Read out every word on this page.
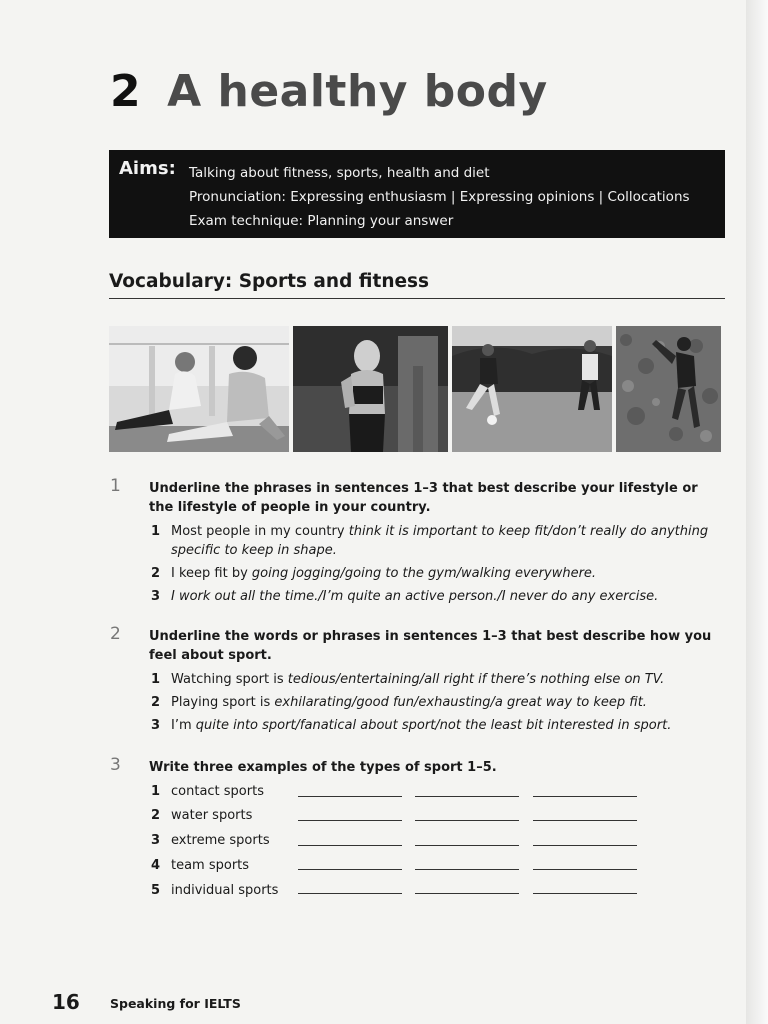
2 A healthy body
Aims: Talking about fitness, sports, health and diet
Pronunciation: Expressing enthusiasm | Expressing opinions | Collocations
Exam technique: Planning your answer
Vocabulary: Sports and fitness
1 Underline the phrases in sentences 1–3 that best describe your lifestyle or the lifestyle of people in your country.
1 Most people in my country think it is important to keep fit/don’t really do anything
specific to keep in shape.
2 I keep fit by going jogging/going to the gym/walking everywhere.
3 I work out all the time./I’m quite an active person./I never do any exercise.
2 Underline the words or phrases in sentences 1–3 that best describe how you feel about sport.
1 Watching sport is tedious/entertaining/all right if there’s nothing else on TV.
2 Playing sport is exhilarating/good fun/exhausting/a great way to keep fit.
3 I’m quite into sport/fanatical about sport/not the least bit interested in sport.
3 Write three examples of the types of sport 1–5.
1 contact sports
2 water sports
3 extreme sports
4 team sports
5 individual sports
16 Speaking for IELTS
